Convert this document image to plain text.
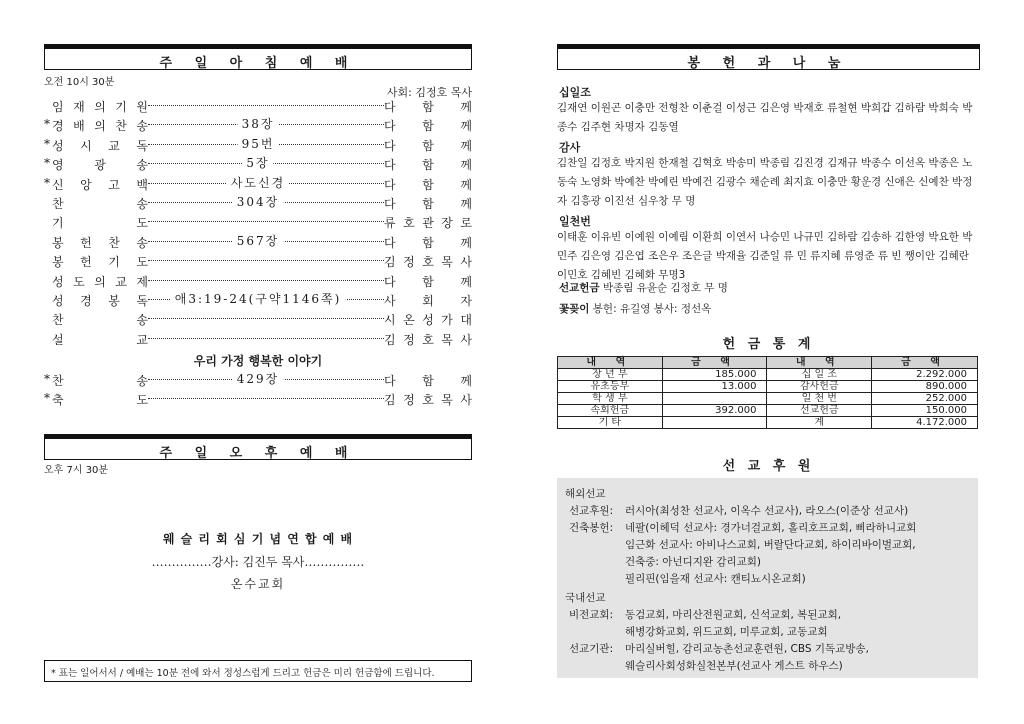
주 일 아 침 예 배
오전 10시 30분
사회: 김정호 목사
임 재 의 기 원	다 함 께
* 경 배 의 찬 송	38장	다 함 께
* 성 시 교 독	95번	다 함 께
* 영	광	송	5장	다 함 께
* 신 앙 고 백	사도신경	다 함 께
찬	송	304장	다 함 께
기	도	류 호 관 장 로
봉 헌 찬 송	567장	다 함 께
봉 헌 기 도	김 정 호 목 사
성 도 의 교 제	다 함 께
성 경 봉 독	애3:19-24(구약1146쪽)	사 회 자
찬	송	시 온 성 가 대
설	교	김 정 호 목 사
우리 가정 행복한 이야기
* 찬	송	429장	다 함 께
* 축	도	김 정 호 목 사
주 일 오 후 예 배
오후 7시 30분
웨 슬 리 회 심 기 념 연 합 예 배
……………강사: 김진두 목사……………
온수교회
* 표는 일어서서 / 예배는 10분 전에 와서 정성스럽게 드리고 헌금은 미리 헌금함에 드립니다.
봉 헌 과 나 눔
십일조
김재연 이원곤 이충만 전형찬 이춘걸 이성근 김은영 박재호 류철현 박희갑 김하람 박희숙 박종수 김주현 차명자 김동열
감사
김찬일 김정호 박지원 한재철 김혁호 박송미 박종림 김진경 김재규 박종수 이선옥 박종은 노동숙 노영화 박예찬 박예린 박예건 김광수 채순례 최지효 이충만 황운경 신애은 신예찬 박정자 김흥광 이진선 심우창 무 명
일천번
이태훈 이유빈 이예원 이예림 이환희 이연서 나승민 나규민 김하람 김송하 김한영 박요한 박민주 김은영 김은엽 조은우 조은글 박재율 김준일 류 민 류지혜 류영준 류 빈 쨍이안 김혜란 이민호 김혜빈 김혜화 무명3
선교헌금 박종림 유윤순 김정호 무 명
꽃꽂이 봉헌: 유길영 봉사: 정선옥
헌 금 통 계
내 역	금 액	내 역	금 액
장 년 부	185.000	십 일 조	2.292.000
유초등부	13.000	감사헌금	890.000
학 생 부		일 천 번	252.000
속회헌금	392.000	선교헌금	150.000
기 타		계	4.172.000
선 교 후 원
해외선교
선교후원: 러시아(최성찬 선교사, 이옥수 선교사), 라오스(이준상 선교사)
건축봉헌: 네팔(이헤덕 선교사: 경가너걸교회, 홀리호프교회, 삐라하니교회
임근화 선교사: 아비나스교회, 버랄단다교회, 하이리바이벌교회,
건축중: 아넌디지완 감리교회)
필리핀(임을재 선교사: 캔티뇨시온교회)
국내선교
비전교회: 동검교회, 마리산전원교회, 신석교회, 복된교회,
해병강화교회, 위드교회, 미루교회, 교동교회
선교기관: 마리실버힐, 감리교농촌선교훈련원, CBS 기독교방송,
웨슬리사회성화실천본부(선교사 게스트 하우스)
